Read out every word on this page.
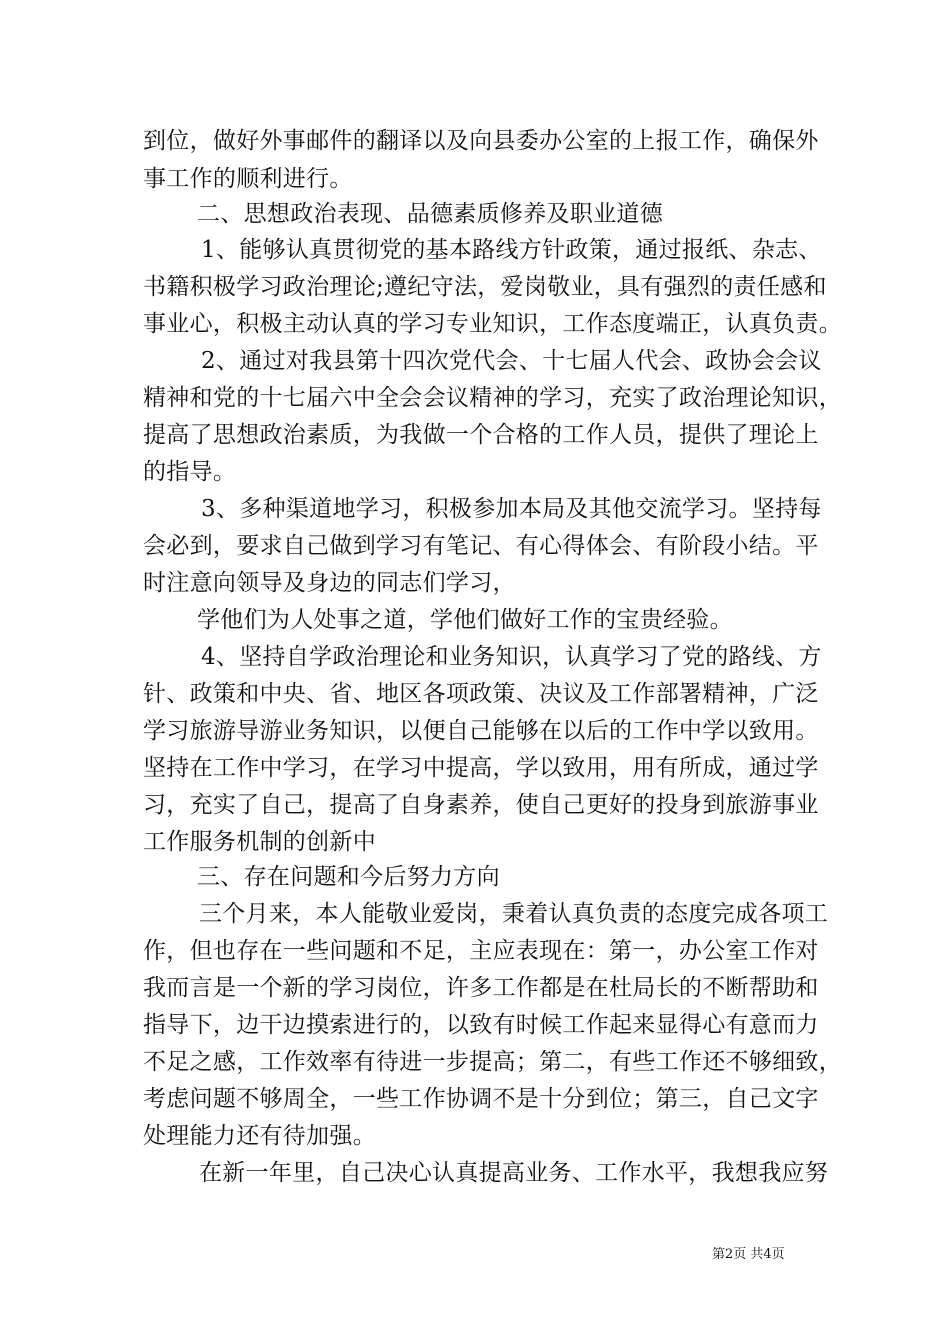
到位，做好外事邮件的翻译以及向县委办公室的上报工作，确保外
事工作的顺利进行。
二、思想政治表现、品德素质修养及职业道德
1、能够认真贯彻党的基本路线方针政策，通过报纸、杂志、
书籍积极学习政治理论;遵纪守法，爱岗敬业，具有强烈的责任感和
事业心，积极主动认真的学习专业知识，工作态度端正，认真负责。
2、通过对我县第十四次党代会、十七届人代会、政协会会议
精神和党的十七届六中全会会议精神的学习，充实了政治理论知识，
提高了思想政治素质，为我做一个合格的工作人员，提供了理论上
的指导。
3、多种渠道地学习，积极参加本局及其他交流学习。坚持每
会必到，要求自己做到学习有笔记、有心得体会、有阶段小结。平
时注意向领导及身边的同志们学习，
学他们为人处事之道，学他们做好工作的宝贵经验。
4、坚持自学政治理论和业务知识，认真学习了党的路线、方
针、政策和中央、省、地区各项政策、决议及工作部署精神，广泛
学习旅游导游业务知识，以便自己能够在以后的工作中学以致用。
坚持在工作中学习，在学习中提高，学以致用，用有所成，通过学
习，充实了自己，提高了自身素养，使自己更好的投身到旅游事业
工作服务机制的创新中
三、存在问题和今后努力方向
三个月来，本人能敬业爱岗，秉着认真负责的态度完成各项工
作，但也存在一些问题和不足，主应表现在：第一，办公室工作对
我而言是一个新的学习岗位，许多工作都是在杜局长的不断帮助和
指导下，边干边摸索进行的，以致有时候工作起来显得心有意而力
不足之感，工作效率有待进一步提高；第二，有些工作还不够细致，
考虑问题不够周全，一些工作协调不是十分到位；第三，自己文字
处理能力还有待加强。
在新一年里，自己决心认真提高业务、工作水平，我想我应努
第2页 共4页
